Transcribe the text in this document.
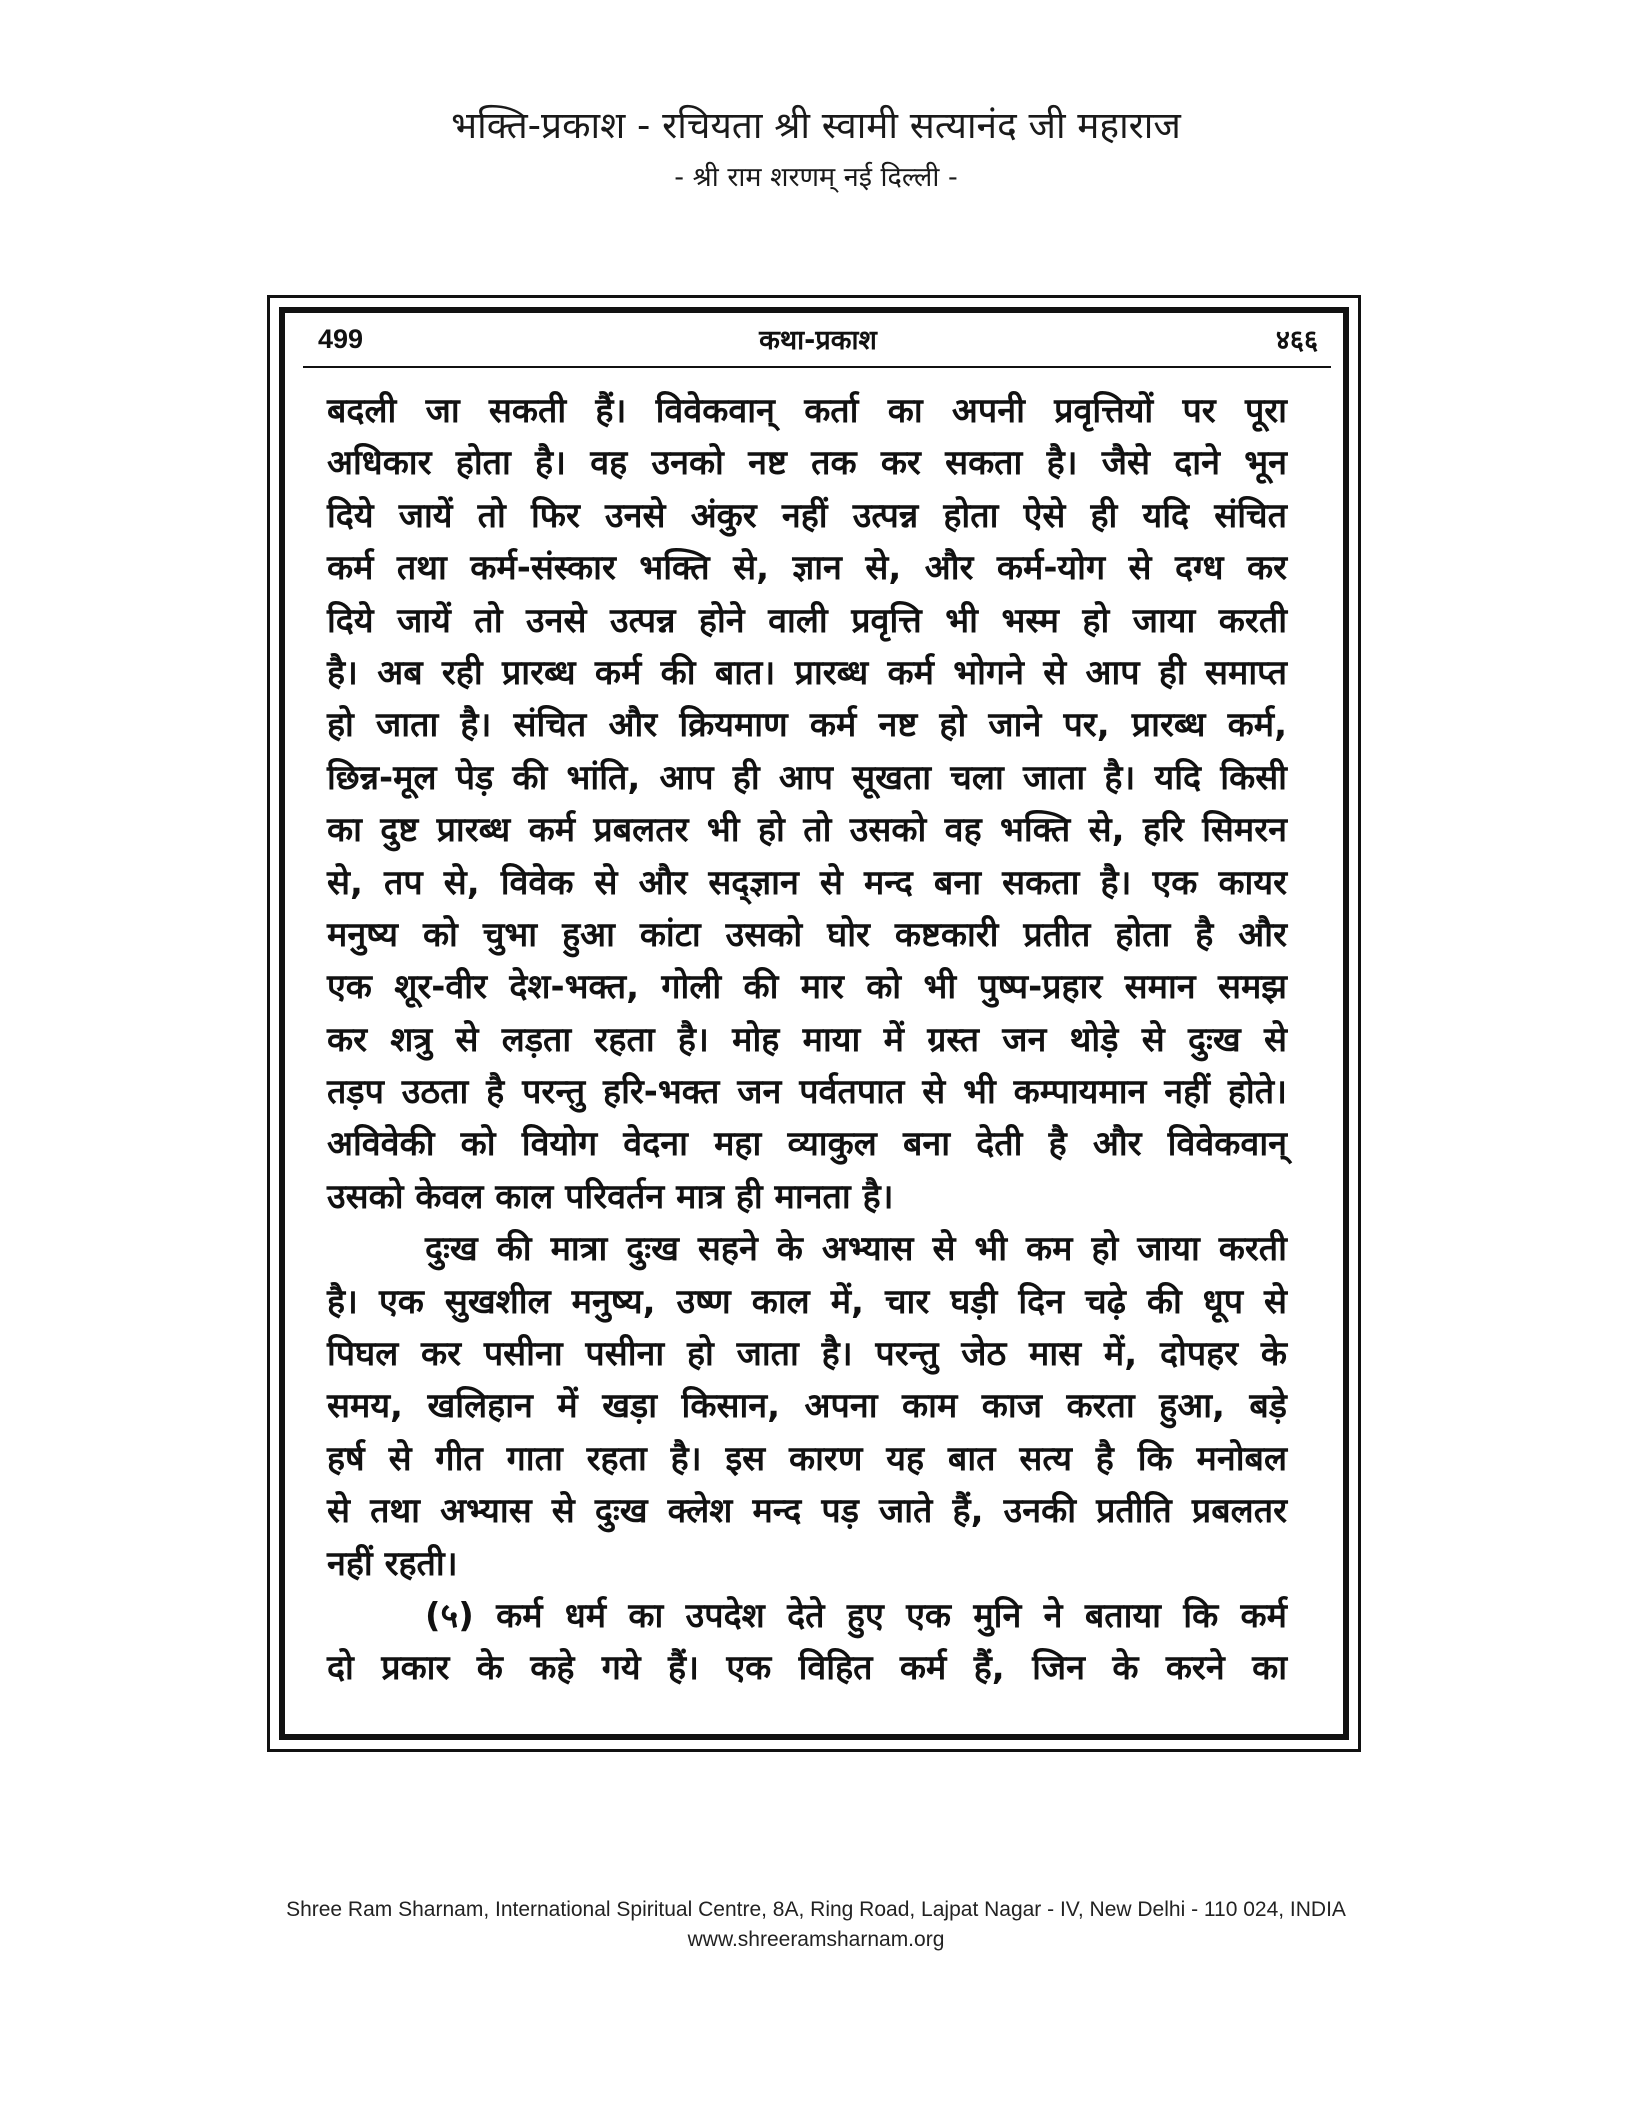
भक्ति-प्रकाश - रचियता श्री स्वामी सत्यानंद जी महाराज
- श्री राम शरणम् नई दिल्ली -
499	कथा-प्रकाश	४६६
बदली जा सकती हैं। विवेकवान् कर्ता का अपनी प्रवृत्तियों पर पूरा
अधिकार होता है। वह उनको नष्ट तक कर सकता है। जैसे दाने भून
दिये जायें तो फिर उनसे अंकुर नहीं उत्पन्न होता ऐसे ही यदि संचित
कर्म तथा कर्म-संस्कार भक्ति से, ज्ञान से, और कर्म-योग से दग्ध कर
दिये जायें तो उनसे उत्पन्न होने वाली प्रवृत्ति भी भस्म हो जाया करती
है। अब रही प्रारब्ध कर्म की बात। प्रारब्ध कर्म भोगने से आप ही समाप्त
हो जाता है। संचित और क्रियमाण कर्म नष्ट हो जाने पर, प्रारब्ध कर्म,
छिन्न-मूल पेड़ की भांति, आप ही आप सूखता चला जाता है। यदि किसी
का दुष्ट प्रारब्ध कर्म प्रबलतर भी हो तो उसको वह भक्ति से, हरि सिमरन
से, तप से, विवेक से और सद्ज्ञान से मन्द बना सकता है। एक कायर
मनुष्य को चुभा हुआ कांटा उसको घोर कष्टकारी प्रतीत होता है और
एक शूर-वीर देश-भक्त, गोली की मार को भी पुष्प-प्रहार समान समझ
कर शत्रु से लड़ता रहता है। मोह माया में ग्रस्त जन थोड़े से दुःख से
तड़प उठता है परन्तु हरि-भक्त जन पर्वतपात से भी कम्पायमान नहीं होते।
अविवेकी को वियोग वेदना महा व्याकुल बना देती है और विवेकवान्
उसको केवल काल परिवर्तन मात्र ही मानता है।
दुःख की मात्रा दुःख सहने के अभ्यास से भी कम हो जाया करती
है। एक सुखशील मनुष्य, उष्ण काल में, चार घड़ी दिन चढ़े की धूप से
पिघल कर पसीना पसीना हो जाता है। परन्तु जेठ मास में, दोपहर के
समय, खलिहान में खड़ा किसान, अपना काम काज करता हुआ, बड़े
हर्ष से गीत गाता रहता है। इस कारण यह बात सत्य है कि मनोबल
से तथा अभ्यास से दुःख क्लेश मन्द पड़ जाते हैं, उनकी प्रतीति प्रबलतर
नहीं रहती।
(५) कर्म धर्म का उपदेश देते हुए एक मुनि ने बताया कि कर्म
दो प्रकार के कहे गये हैं। एक विहित कर्म हैं, जिन के करने का
Shree Ram Sharnam, International Spiritual Centre, 8A, Ring Road, Lajpat Nagar - IV, New Delhi - 110 024, INDIA
www.shreeramsharnam.org
